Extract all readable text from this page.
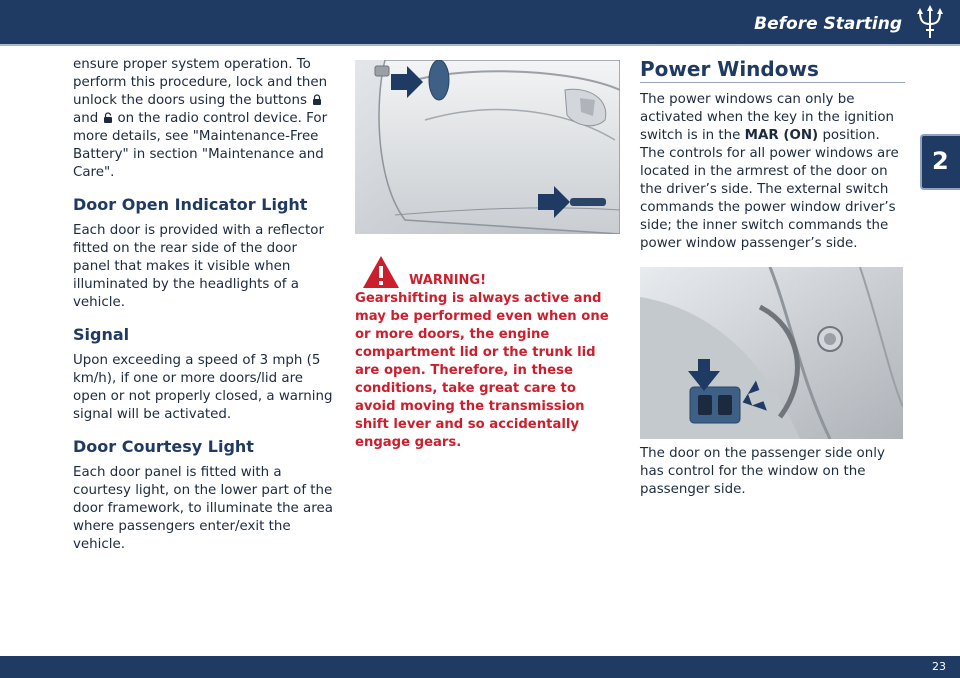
Before Starting
2

ensure proper system operation. To perform this procedure, lock and then unlock the doors using the buttons and on the radio control device. For more details, see "Maintenance-Free Battery" in section "Maintenance and Care".

Door Open Indicator Light

Each door is provided with a reflector fitted on the rear side of the door panel that makes it visible when illuminated by the headlights of a vehicle.

Signal

Upon exceeding a speed of 3 mph (5 km/h), if one or more doors/lid are open or not properly closed, a warning signal will be activated.

Door Courtesy Light

Each door panel is fitted with a courtesy light, on the lower part of the door framework, to illuminate the area where passengers enter/exit the vehicle.

WARNING!

Gearshifting is always active and may be performed even when one or more doors, the engine compartment lid or the trunk lid are open. Therefore, in these conditions, take great care to avoid moving the transmission shift lever and so accidentally engage gears.

Power Windows

The power windows can only be activated when the key in the ignition switch is in the MAR (ON) position. The controls for all power windows are located in the armrest of the door on the driver’s side. The external switch commands the power window driver’s side; the inner switch commands the power window passenger’s side.

The door on the passenger side only has control for the window on the passenger side.

23
